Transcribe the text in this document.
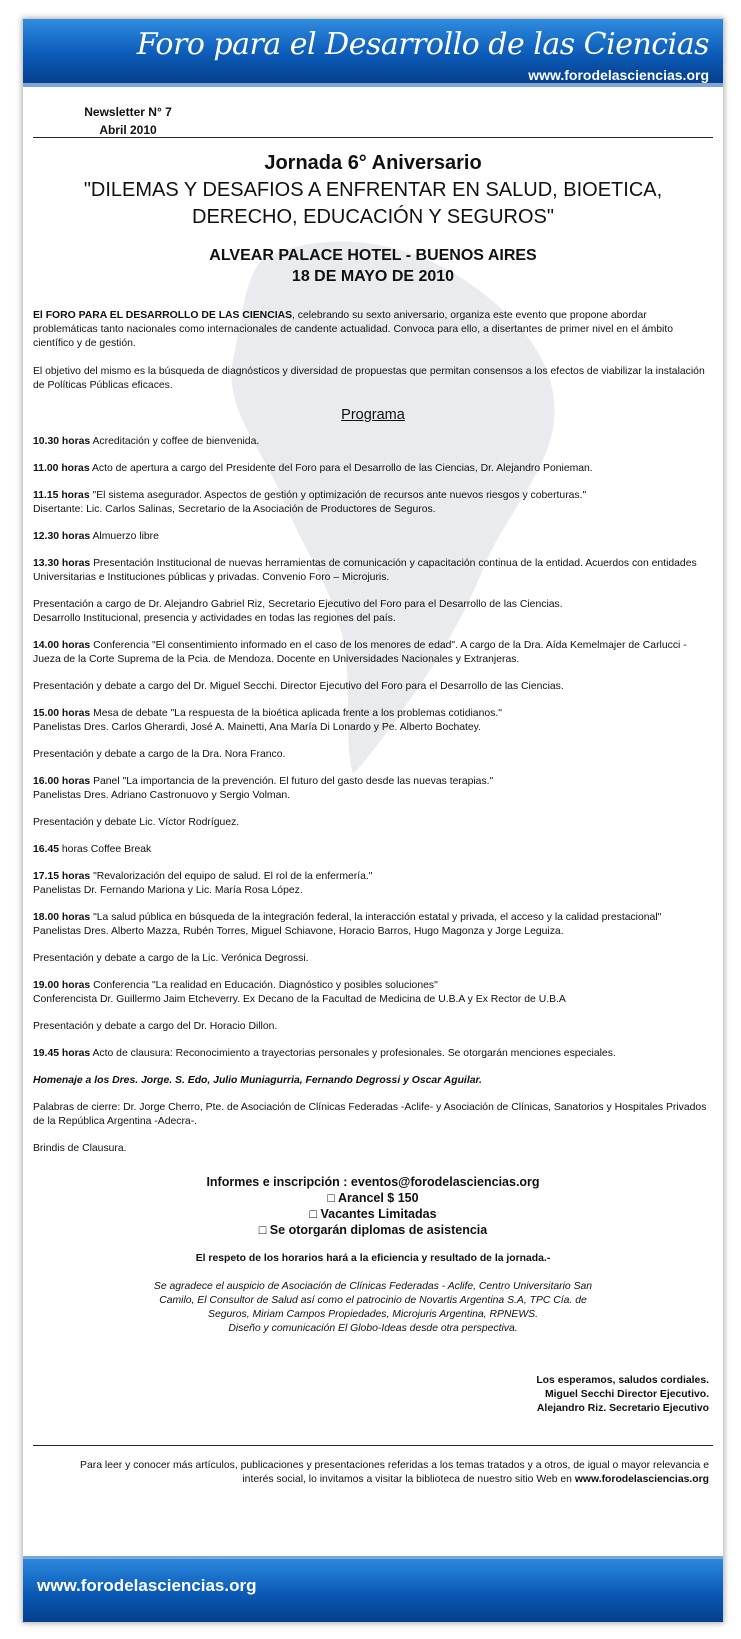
Foro para el Desarrollo de las Ciencias
www.forodelasciencias.org
Newsletter N° 7
Abril 2010
Jornada 6° Aniversario

"DILEMAS Y DESAFIOS A ENFRENTAR EN SALUD, BIOETICA,

DERECHO, EDUCACIÓN Y SEGUROS"

ALVEAR PALACE HOTEL - BUENOS AIRES
18 DE MAYO DE 2010

El FORO PARA EL DESARROLLO DE LAS CIENCIAS, celebrando su sexto aniversario, organiza este evento que propone abordar problemáticas tanto nacionales como internacionales de candente actualidad. Convoca para ello, a disertantes de primer nivel en el ámbito científico y de gestión.

El objetivo del mismo es la búsqueda de diagnósticos y diversidad de propuestas que permitan consensos a los efectos de viabilizar la instalación de Políticas Públicas eficaces.

Programa

10.30 horas Acreditación y coffee de bienvenida.

11.00 horas Acto de apertura a cargo del Presidente del Foro para el Desarrollo de las Ciencias, Dr. Alejandro Ponieman.

11.15 horas "El sistema asegurador. Aspectos de gestión y optimización de recursos ante nuevos riesgos y coberturas."
Disertante: Lic. Carlos Salinas, Secretario de la Asociación de Productores de Seguros.

12.30 horas Almuerzo libre

13.30 horas Presentación Institucional de nuevas herramientas de comunicación y capacitación continua de la entidad. Acuerdos con entidades Universitarias e Instituciones públicas y privadas. Convenio Foro – Microjuris.

Presentación a cargo de Dr. Alejandro Gabriel Riz, Secretario Ejecutivo del Foro para el Desarrollo de las Ciencias.
Desarrollo Institucional, presencia y actividades en todas las regiones del país.

14.00 horas Conferencia "El consentimiento informado en el caso de los menores de edad". A cargo de la Dra. Aída Kemelmajer de Carlucci - Jueza de la Corte Suprema de la Pcia. de Mendoza. Docente en Universidades Nacionales y Extranjeras.

Presentación y debate a cargo del Dr. Miguel Secchi. Director Ejecutivo del Foro para el Desarrollo de las Ciencias.

15.00 horas Mesa de debate "La respuesta de la bioética aplicada frente a los problemas cotidianos."
Panelistas Dres. Carlos Gherardi, José A. Mainetti, Ana María Di Lonardo y Pe. Alberto Bochatey.

Presentación y debate a cargo de la Dra. Nora Franco.

16.00 horas Panel "La importancia de la prevención. El futuro del gasto desde las nuevas terapias."
Panelistas Dres. Adriano Castronuovo y Sergio Volman.

Presentación y debate Lic. Víctor Rodríguez.

16.45 horas Coffee Break

17.15 horas "Revalorización del equipo de salud. El rol de la enfermería."
Panelistas Dr. Fernando Mariona y Lic. María Rosa López.

18.00 horas "La salud pública en búsqueda de la integración federal, la interacción estatal y privada, el acceso y la calidad prestacional"
Panelistas Dres. Alberto Mazza, Rubén Torres, Miguel Schiavone, Horacio Barros, Hugo Magonza y Jorge Leguiza.

Presentación y debate a cargo de la Lic. Verónica Degrossi.

19.00 horas Conferencia "La realidad en Educación. Diagnóstico y posibles soluciones"
Conferencista Dr. Guillermo Jaim Etcheverry. Ex Decano de la Facultad de Medicina de U.B.A y Ex Rector de U.B.A

Presentación y debate a cargo del Dr. Horacio Dillon.

19.45 horas Acto de clausura: Reconocimiento a trayectorias personales y profesionales. Se otorgarán menciones especiales.

Homenaje a los Dres. Jorge. S. Edo, Julio Muniagurria, Fernando Degrossi y Oscar Aguilar.

Palabras de cierre: Dr. Jorge Cherro, Pte. de Asociación de Clínicas Federadas -Aclife- y Asociación de Clínicas, Sanatorios y Hospitales Privados de la República Argentina -Adecra-.

Brindis de Clausura.

Informes e inscripción : eventos@forodelasciencias.org
□ Arancel $ 150
□ Vacantes Limitadas
□ Se otorgarán diplomas de asistencia

El respeto de los horarios hará a la eficiencia y resultado de la jornada.-

Se agradece el auspicio de Asociación de Clínicas Federadas - Aclife, Centro Universitario San
Camilo, El Consultor de Salud así como el patrocinio de Novartis Argentina S.A, TPC Cía. de
Seguros, Miriam Campos Propiedades, Microjuris Argentina, RPNEWS.
Diseño y comunicación El Globo-Ideas desde otra perspectiva.
Los esperamos, saludos cordiales.
Miguel Secchi Director Ejecutivo.
Alejandro Riz. Secretario Ejecutivo
Para leer y conocer más artículos, publicaciones y presentaciones referidas a los temas tratados y a otros, de igual o mayor relevancia e
interés social, lo invitamos a visitar la biblioteca de nuestro sitio Web en www.forodelasciencias.org
www.forodelasciencias.org
